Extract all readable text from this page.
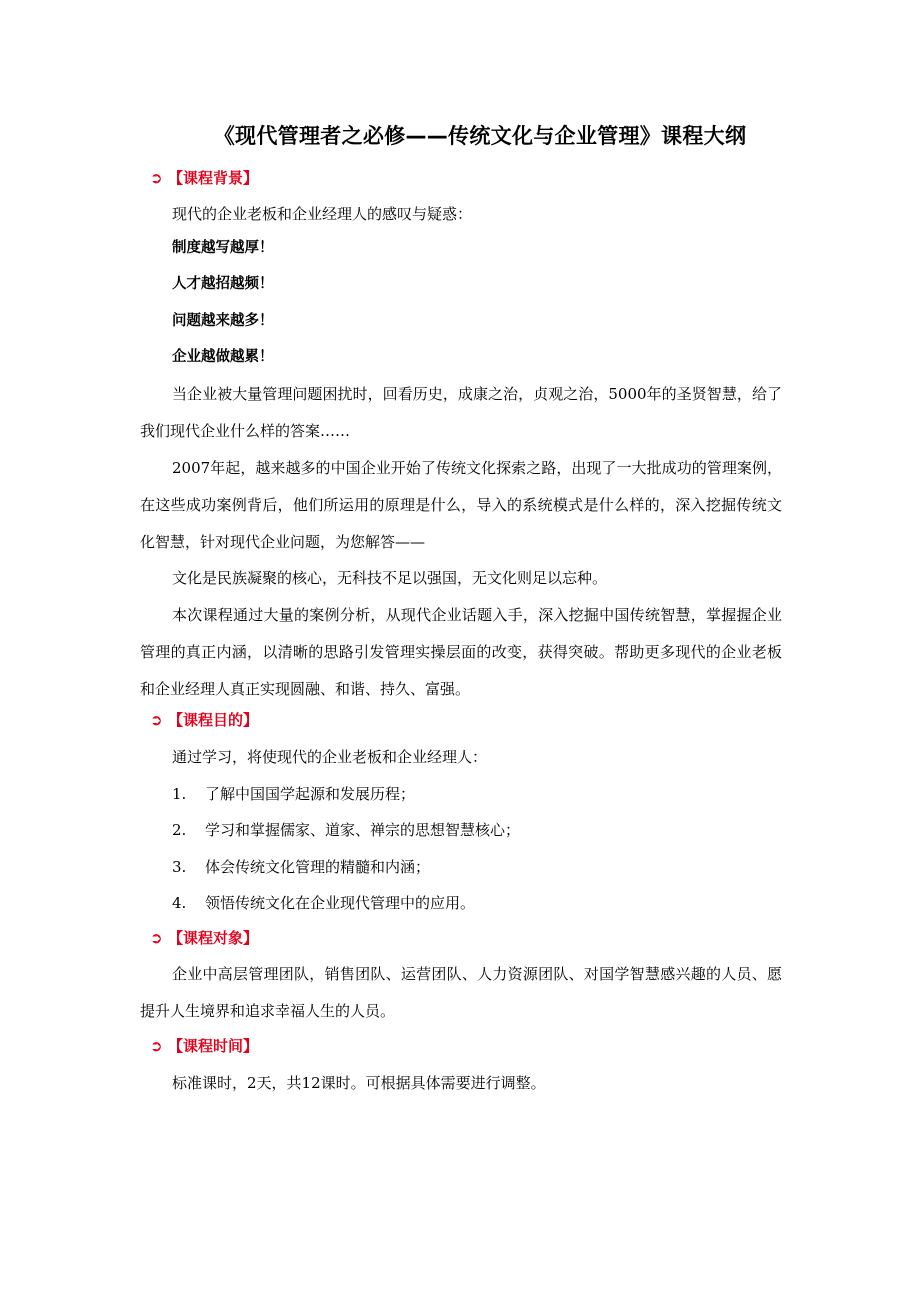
《现代管理者之必修——传统文化与企业管理》课程大纲
➲ 【课程背景】
现代的企业老板和企业经理人的感叹与疑惑：
制度越写越厚！
人才越招越频！
问题越来越多！
企业越做越累！
当企业被大量管理问题困扰时，回看历史，成康之治，贞观之治，5000年的圣贤智慧，给了我们现代企业什么样的答案……
2007年起，越来越多的中国企业开始了传统文化探索之路，出现了一大批成功的管理案例，在这些成功案例背后，他们所运用的原理是什么，导入的系统模式是什么样的，深入挖掘传统文化智慧，针对现代企业问题，为您解答——
文化是民族凝聚的核心，无科技不足以强国，无文化则足以忘种。
本次课程通过大量的案例分析，从现代企业话题入手，深入挖掘中国传统智慧，掌握握企业管理的真正内涵，以清晰的思路引发管理实操层面的改变，获得突破。帮助更多现代的企业老板和企业经理人真正实现圆融、和谐、持久、富强。
➲ 【课程目的】
通过学习，将使现代的企业老板和企业经理人：
1. 了解中国国学起源和发展历程；
2. 学习和掌握儒家、道家、禅宗的思想智慧核心；
3. 体会传统文化管理的精髓和内涵；
4. 领悟传统文化在企业现代管理中的应用。
➲ 【课程对象】
企业中高层管理团队，销售团队、运营团队、人力资源团队、对国学智慧感兴趣的人员、愿提升人生境界和追求幸福人生的人员。
➲ 【课程时间】
标准课时，2天，共12课时。可根据具体需要进行调整。
